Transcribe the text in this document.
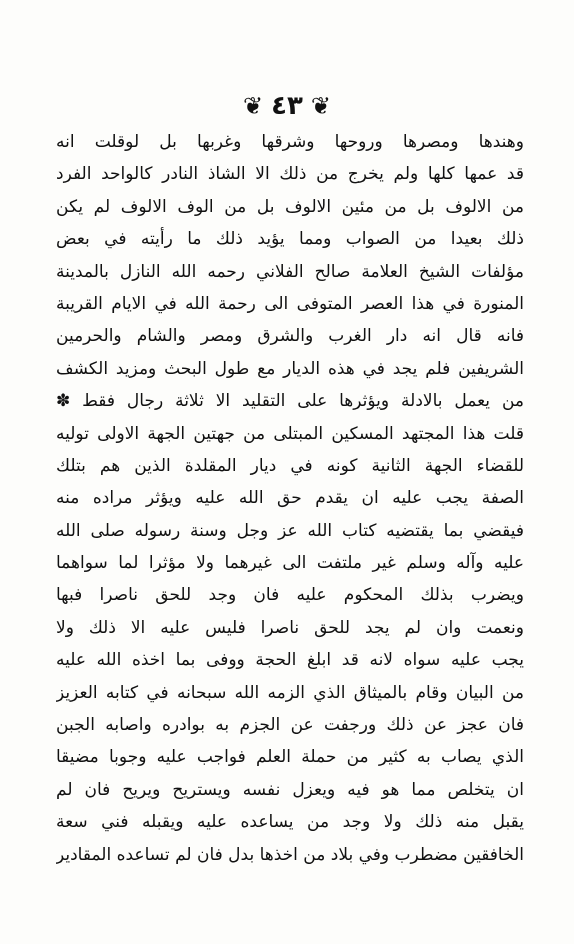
❦ ٤٣ ❦
وهندها ومصرها وروحها وشرقها وغربها بل لوقلت انه
قد عمها كلها ولم يخرج من ذلك الا الشاذ النادر كالواحد الفرد
من الالوف بل من مئين الالوف بل من الوف الالوف لم يكن
ذلك بعيدا من الصواب ومما يؤيد ذلك ما رأيته في بعض
مؤلفات الشيخ العلامة صالح الفلاني رحمه الله النازل بالمدينة
المنورة في هذا العصر المتوفى الى رحمة الله في الايام القريبة
فانه قال انه دار الغرب والشرق ومصر والشام والحرمين
الشريفين فلم يجد في هذه الديار مع طول البحث ومزيد الكشف
من يعمل بالادلة ويؤثرها على التقليد الا ثلاثة رجال فقط ✽
قلت هذا المجتهد المسكين المبتلى من جهتين الجهة الاولى توليه
للقضاء الجهة الثانية كونه في ديار المقلدة الذين هم بتلك
الصفة يجب عليه ان يقدم حق الله عليه ويؤثر مراده منه
فيقضي بما يقتضيه كتاب الله عز وجل وسنة رسوله صلى الله
عليه وآله وسلم غير ملتفت الى غيرهما ولا مؤثرا لما سواهما
ويضرب بذلك المحكوم عليه فان وجد للحق ناصرا فبها
ونعمت وان لم يجد للحق ناصرا فليس عليه الا ذلك ولا
يجب عليه سواه لانه قد ابلغ الحجة ووفى بما اخذه الله عليه
من البيان وقام بالميثاق الذي الزمه الله سبحانه في كتابه العزيز
فان عجز عن ذلك ورجفت عن الجزم به بوادره واصابه الجبن
الذي يصاب به كثير من حملة العلم فواجب عليه وجوبا مضيقا
ان يتخلص مما هو فيه ويعزل نفسه ويستريح ويريح فان لم
يقبل منه ذلك ولا وجد من يساعده عليه ويقبله فني سعة
الخافقين مضطرب وفي بلاد من اخذها بدل فان لم تساعده المقادير
